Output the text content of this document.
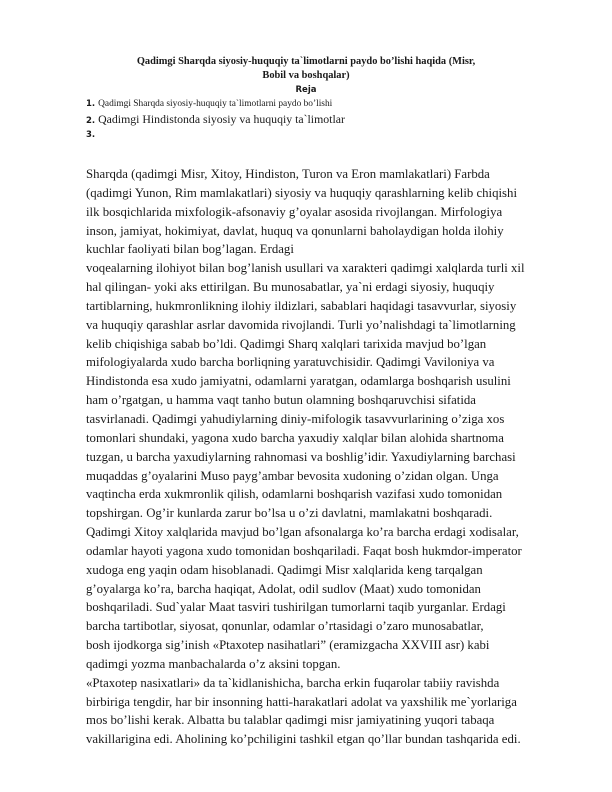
Qadimgi Sharqda siyosiy-huquqiy ta`limotlarni paydo bo’lishi haqida (Misr,
Bobil va boshqalar)
Reja
1. Qadimgi Sharqda siyosiy-huquqiy ta`limotlarni paydo bo’lishi
2. Qadimgi Hindistonda siyosiy va huquqiy ta`limotlar
3.
Sharqda (qadimgi Misr, Xitoy, Hindiston, Turon va Eron mamlakatlari) Farbda
(qadimgi Yunon, Rim mamlakatlari) siyosiy va huquqiy qarashlarning kelib chiqishi
ilk bosqichlarida mixfologik-afsonaviy g’oyalar asosida rivojlangan. Mirfologiya
inson, jamiyat, hokimiyat, davlat, huquq va qonunlarni baholaydigan holda ilohiy
kuchlar faoliyati bilan bog’lagan. Erdagi
voqealarning ilohiyot bilan bog’lanish usullari va xarakteri qadimgi xalqlarda turli xil
hal qilingan- yoki aks ettirilgan. Bu munosabatlar, ya`ni erdagi siyosiy, huquqiy
tartiblarning, hukmronlikning ilohiy ildizlari, sabablari haqidagi tasavvurlar, siyosiy
va huquqiy qarashlar asrlar davomida rivojlandi. Turli yo’nalishdagi ta`limotlarning
kelib chiqishiga sabab bo’ldi. Qadimgi Sharq xalqlari tarixida mavjud bo’lgan
mifologiyalarda xudo barcha borliqning yaratuvchisidir. Qadimgi Vaviloniya va
Hindistonda esa xudo jamiyatni, odamlarni yaratgan, odamlarga boshqarish usulini
ham o’rgatgan, u hamma vaqt tanho butun olamning boshqaruvchisi sifatida
tasvirlanadi. Qadimgi yahudiylarning diniy-mifologik tasavvurlarining o’ziga xos
tomonlari shundaki, yagona xudo barcha yaxudiy xalqlar bilan alohida shartnoma
tuzgan, u barcha yaxudiylarning rahnomasi va boshlig’idir. Yaxudiylarning barchasi
muqaddas g’oyalarini Muso payg’ambar bevosita xudoning o’zidan olgan. Unga
vaqtincha erda xukmronlik qilish, odamlarni boshqarish vazifasi xudo tomonidan
topshirgan. Og’ir kunlarda zarur bo’lsa u o’zi davlatni, mamlakatni boshqaradi.
Qadimgi Xitoy xalqlarida mavjud bo’lgan afsonalarga ko’ra barcha erdagi xodisalar,
odamlar hayoti yagona xudo tomonidan boshqariladi. Faqat bosh hukmdor-imperator
xudoga eng yaqin odam hisoblanadi. Qadimgi Misr xalqlarida keng tarqalgan
g’oyalarga ko’ra, barcha haqiqat, Adolat, odil sudlov (Maat) xudo tomonidan
boshqariladi. Sud`yalar Maat tasviri tushirilgan tumorlarni taqib yurganlar. Erdagi
barcha tartibotlar, siyosat, qonunlar, odamlar o’rtasidagi o’zaro munosabatlar,
bosh ijodkorga sig’inish «Ptaxotep nasihatlari” (eramizgacha XXVIII asr) kabi
qadimgi yozma manbachalarda o’z aksini topgan.
«Ptaxotep nasixatlari» da ta`kidlanishicha, barcha erkin fuqarolar tabiiy ravishda
birbiriga tengdir, har bir insonning hatti-harakatlari adolat va yaxshilik me`yorlariga
mos bo’lishi kerak. Albatta bu talablar qadimgi misr jamiyatining yuqori tabaqa
vakillarigina edi. Aholining ko’pchiligini tashkil etgan qo’llar bundan tashqarida edi.
